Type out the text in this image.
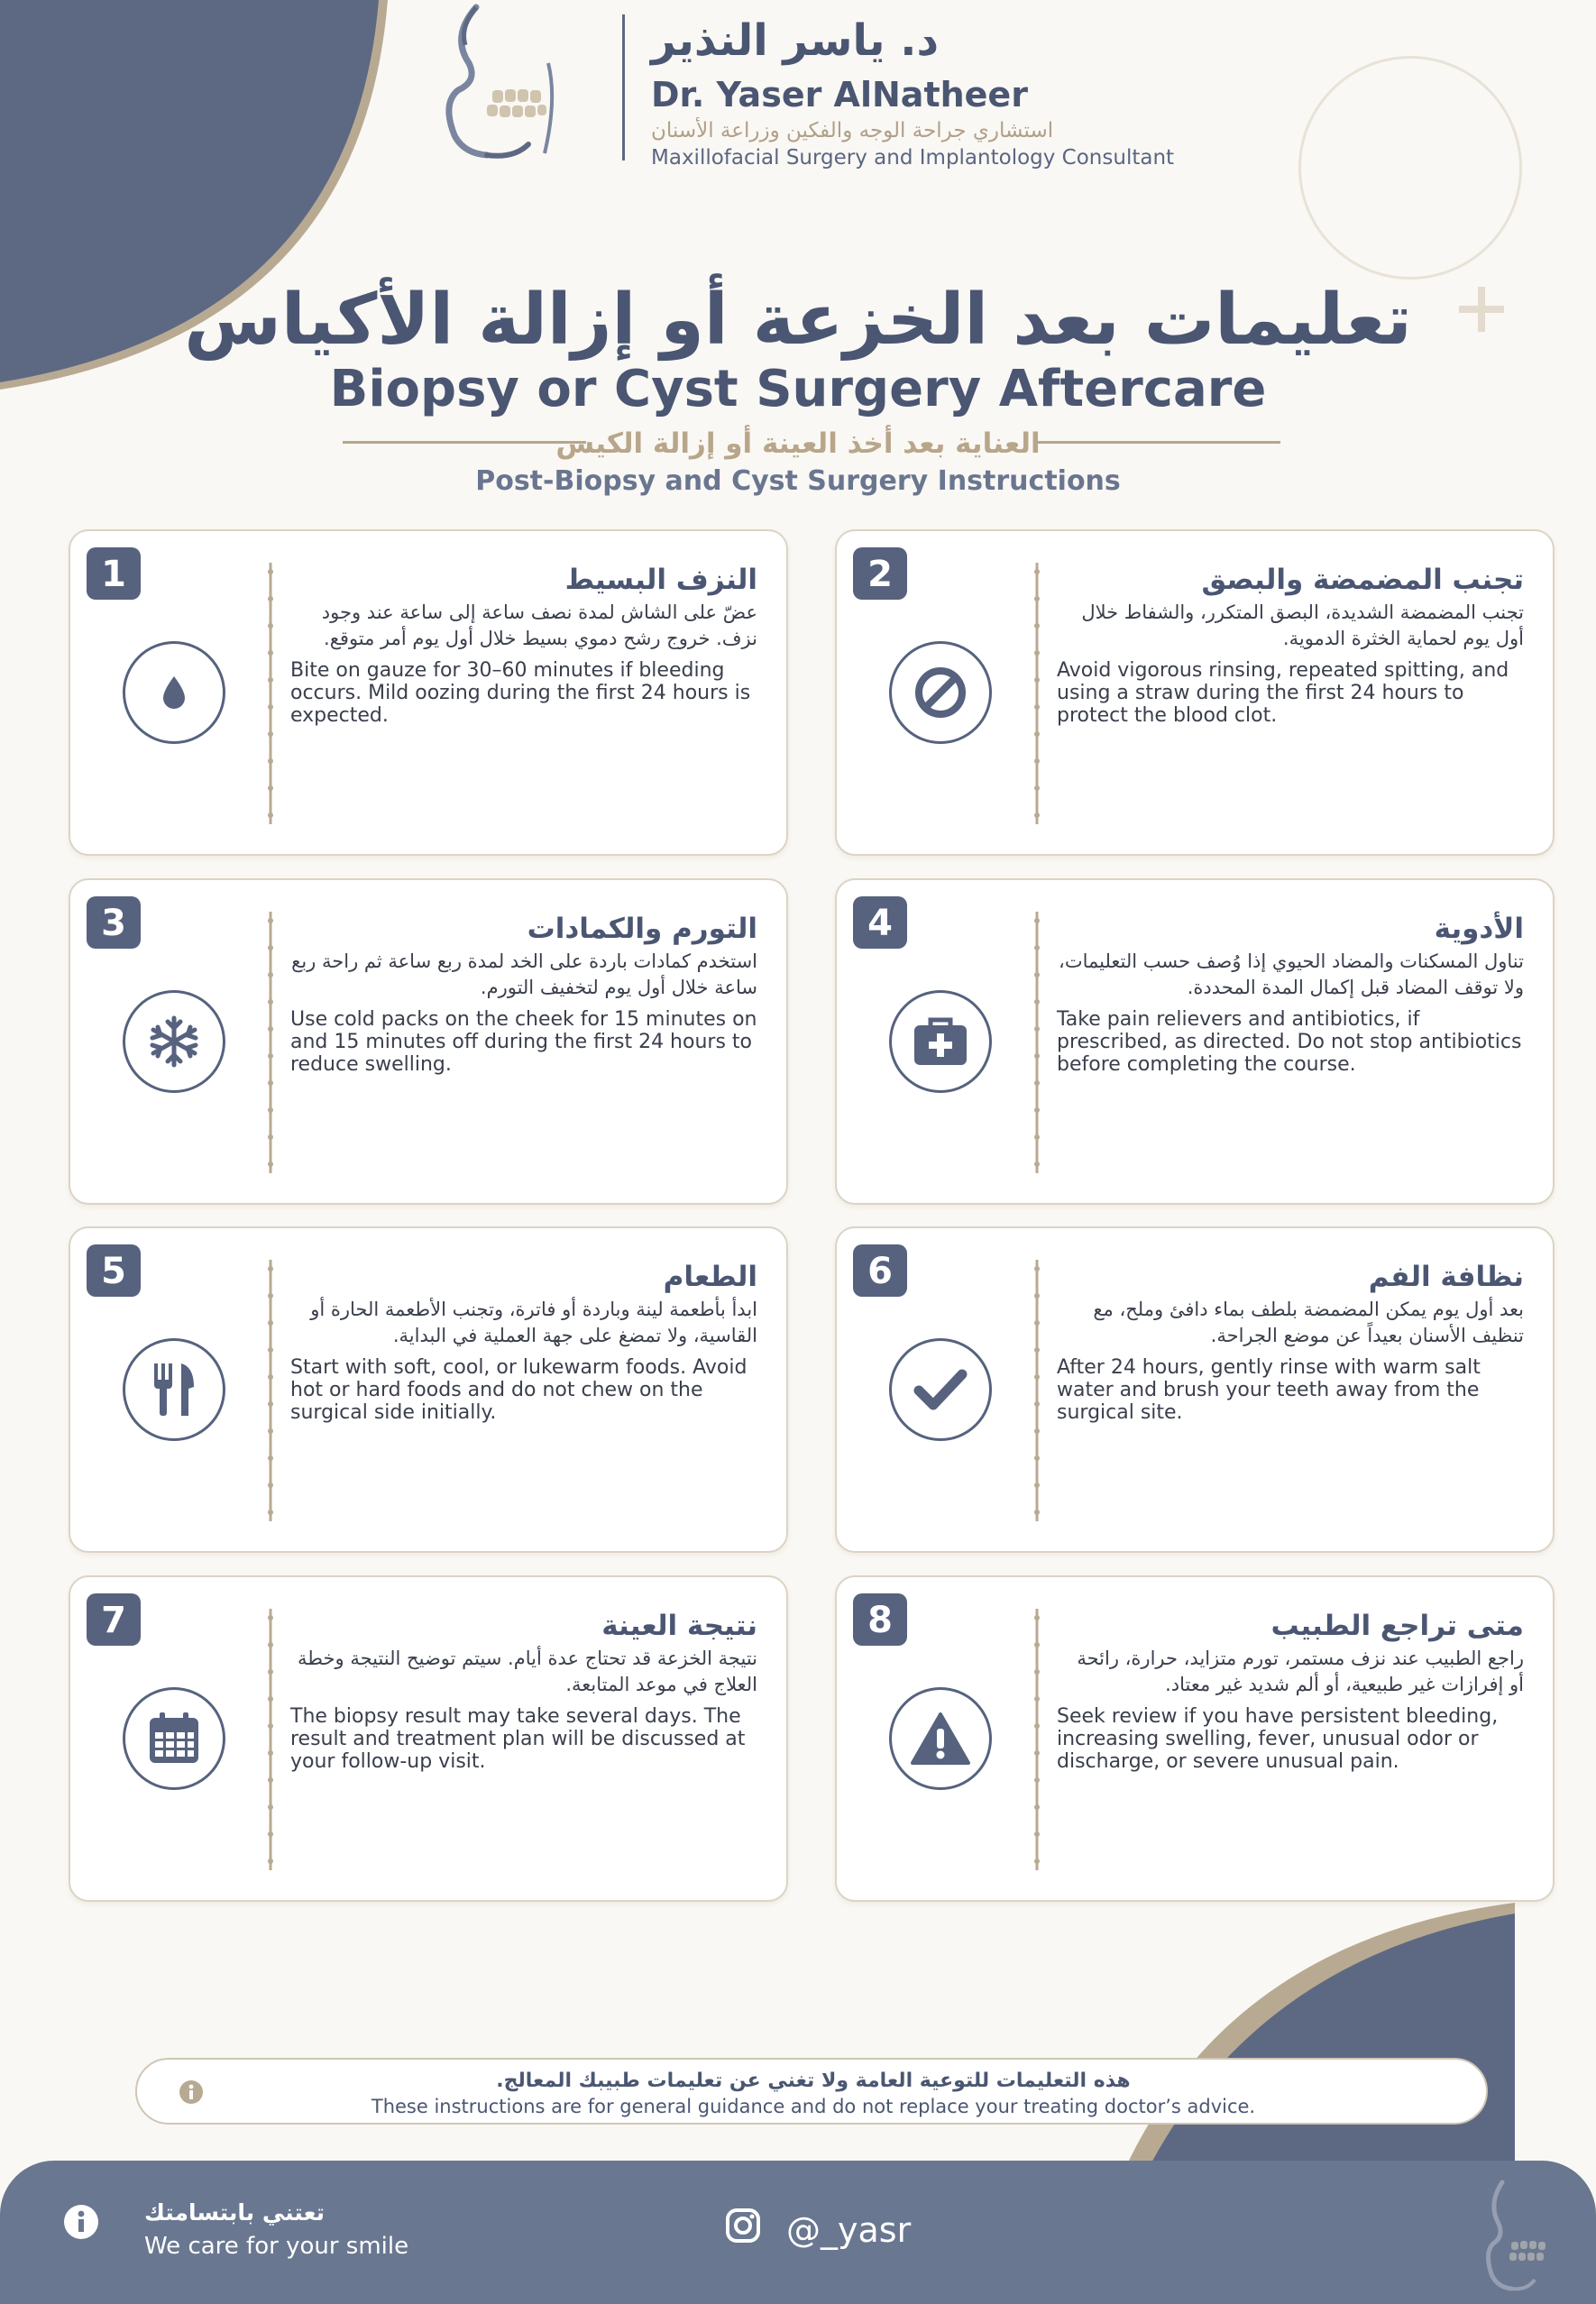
د. ياسر النذير
Dr. Yaser AlNatheer
استشاري جراحة الوجه والفكين وزراعة الأسنان
Maxillofacial Surgery and Implantology Consultant
تعليمات بعد الخزعة أو إزالة الأكياس
Biopsy or Cyst Surgery Aftercare
العناية بعد أخذ العينة أو إزالة الكيس
Post-Biopsy and Cyst Surgery Instructions
1	النزف البسيط
عضّ على الشاش لمدة نصف ساعة إلى ساعة عند وجود نزف. خروج رشح دموي بسيط خلال أول يوم أمر متوقع.
Bite on gauze for 30–60 minutes if bleeding occurs. Mild oozing during the first 24 hours is expected.
2	تجنب المضمضة والبصق
تجنب المضمضة الشديدة، البصق المتكرر، والشفاط خلال أول يوم لحماية الخثرة الدموية.
Avoid vigorous rinsing, repeated spitting, and using a straw during the first 24 hours to protect the blood clot.
3	التورم والكمادات
استخدم كمادات باردة على الخد لمدة ربع ساعة ثم راحة ربع ساعة خلال أول يوم لتخفيف التورم.
Use cold packs on the cheek for 15 minutes on and 15 minutes off during the first 24 hours to reduce swelling.
4	الأدوية
تناول المسكنات والمضاد الحيوي إذا وُصف حسب التعليمات، ولا توقف المضاد قبل إكمال المدة المحددة.
Take pain relievers and antibiotics, if prescribed, as directed. Do not stop antibiotics before completing the course.
5	الطعام
ابدأ بأطعمة لينة وباردة أو فاترة، وتجنب الأطعمة الحارة أو القاسية، ولا تمضغ على جهة العملية في البداية.
Start with soft, cool, or lukewarm foods. Avoid hot or hard foods and do not chew on the surgical side initially.
6	نظافة الفم
بعد أول يوم يمكن المضمضة بلطف بماء دافئ وملح، مع تنظيف الأسنان بعيداً عن موضع الجراحة.
After 24 hours, gently rinse with warm salt water and brush your teeth away from the surgical site.
7	نتيجة العينة
نتيجة الخزعة قد تحتاج عدة أيام. سيتم توضيح النتيجة وخطة العلاج في موعد المتابعة.
The biopsy result may take several days. The result and treatment plan will be discussed at your follow-up visit.
8	متى تراجع الطبيب
راجع الطبيب عند نزف مستمر، تورم متزايد، حرارة، رائحة أو إفرازات غير طبيعية، أو ألم شديد غير معتاد.
Seek review if you have persistent bleeding, increasing swelling, fever, unusual odor or discharge, or severe unusual pain.
هذه التعليمات للتوعية العامة ولا تغني عن تعليمات طبيبك المعالج.
These instructions are for general guidance and do not replace your treating doctor’s advice.
تعتني بابتسامتك
We care for your smile	@_yasr
